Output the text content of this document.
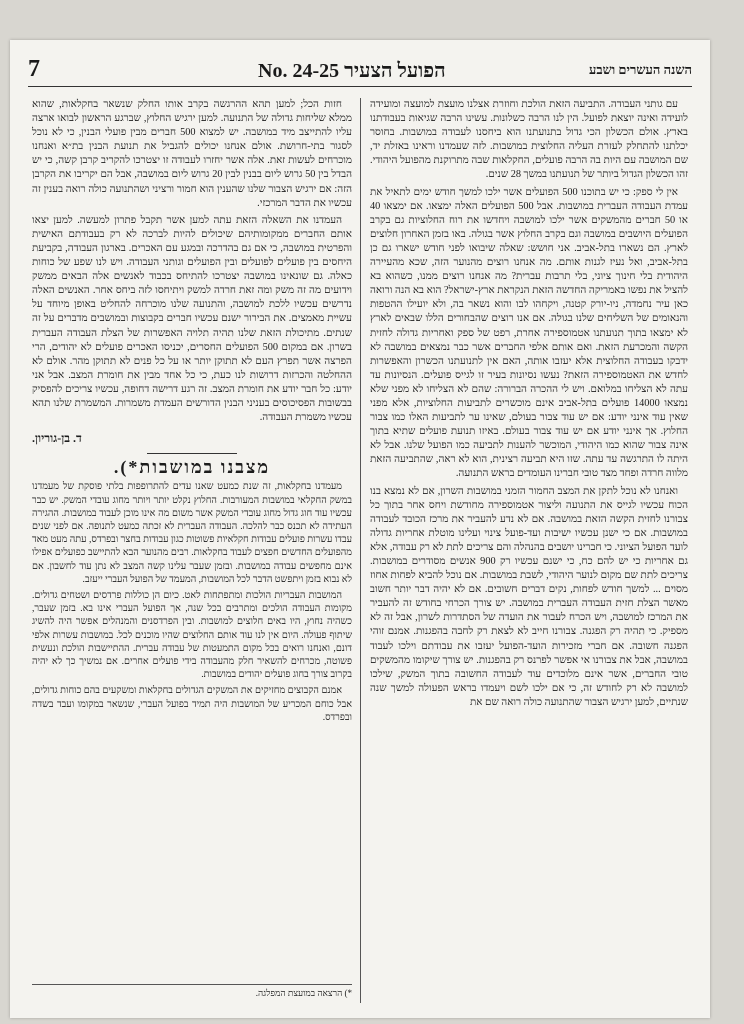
7	No. 24-25 הפועל הצעיר	השנה העשרים ושבע

עם גותני העבודה. התביעה הזאת הולכת וחוזרת אצלנו מועצת למועצה ומועידה לועידה ואינה יוצאת לפועל. הין לנו הרבה כשלונות. עשינו הרבה שגיאות בעבודתנו בארץ. אולם הכשלון הכי גדול בתנועתנו הוא ביחסנו לעבודה במושבות. בחוסר יכלתנו להתחלק לעזרת העליה החלוצית במושבות. לזה שעמדנו וראינו באזלת יד, שם המושבה עם היות בה הרבה פועלים, החקלאות שבה מתרוקנת מהפועל היהודי. זהו הכשלון הגדול ביותר של תנועתנו במשך 28 שנים.

אין לי ספק: כי יש בתוכנו 500 הפועלים אשר ילכו למשך חודש ימים לתאיל את עמדת העבודה העברית במושבות. אבל 500 הפועלים האלה ימצאו. אם ימצאו 40 או 50 חברים מהמשקים אשר ילכו למושבה ויחדשו את רוח החלוציות גם בקרב הפועלים היושבים במושבה וגם בקרב החלוץ אשר בגולה. באו בזמן האחרון חלוצים לארץ. הם נשארו בתל-אביב. אני חושש: שאלה שיבואו לפני חודש ישארו גם כן בתל-אביב, ואל נעיז לגנות אותם. מה אנחנו רוצים מהנוער הזה, שכא מהעיירה היהודית בלי חינוך ציוני, בלי תרבות עברית? מה אנחנו רוצים ממנו, כשהוא בא להציל את נפשו באמריקה החדשה הזאת הנקראת ארץ-ישראל? הוא בא הנה ורואה כאן עיר נחמדה, ניו-יורק קטנה, ויקחהו לבו והוא נשאר בה, ולא יועילו ההטפות והנאומים של השליחים שלנו בגולה. אם אנו רוצים שהבחורים הללו שבאים לארץ לא ימצאו בתוך תנועתנו אטמוספירה אחרת, רפט של ספק ואחריות גדולה לחזית הקשה והמכרעת הזאת. ואם אותם אלפי החברים אשר כבר נמצאים במושבה לא ידבקו בעבודה החלוצית אלא יעזבו אותה, האם אין לתנועתנו הכשרון והאפשרות לחדש את האטמוספירה הזאת? נעשו נסיונות בעיר זו לגייס פועלים. הנסיונות עד עתה לא הצליחו במלואם. ויש לי ההכרה הברורה: שהם לא הצליחו לא מפני שלא נמצאו 14000 פועלים בתל-אביב אינם מוכשרים לתביעות החלוציות, אלא מפני שאין עוד אינני יודע: אם יש עוד צבור בעולם, שאינו ער לתביעות האלו כמו צבור החלוץ. אך אינני יודע אם יש עוד צבור בעולם. באיזו תנועת פועלים שתיא בתוך אינה צבור שהוא כמו היהודי, המוכשר להענות לתביעה כמו הפועל שלנו. אבל לא היתה לו התרגשה עד עתה. שזו היא תביעה רצינית, הוא לא ראה, שהתביעה הזאת מלווה חרדה ופחד מצד טובי חברינו העומדים בראש התנועה.

ואנחנו לא נוכל לתקן את המצב החמור הזמני במושבות השרון, אם לא נמצא בנו הכוח עכשיו לגייס את התנועה וליצור אטמוספירה מחודשת ויחס אחר בתוך כל צבורנו לחזית הקשה הזאת במושבה. אם לא נדע להעביר את מרכז הכובד לעבודה במושבות. אם כי ישנן עכשיו ישיבות ועד-פועל צינוי ועלינו מוטלת אחריות גדולה לועד הפועל הציוני. כי חברינו יושבים בהנהלה והם צריכים לתת לא רק עבודה, אלא גם אחריות כי יש להם כח, כי ישנם עכשיו רק 900 אנשים מסודרים במושבות. צריכים לתת שם מקום לנוער היהודי, לשבת במושבות. אם נוכל להביא לפחות אחוז מסוים ... למשך חודש לפחות, נקים דברים חשובים. אם לא יהיה דבר יותר חשוב מאשר הצלת חזית העבודה העברית במושבה. יש צורך הכרחי בחודש זה להעביר את המרכז למושבה, ויש הכרח לעבור את הועדה של הסתדרות לשרון, אבל זה לא מספיק. כי תהיה רק הפגנה. צבורנו חייב לא לצאת רק לחבה בהפגנות. אמנם זוהי הפגנה חשובה. אם חברי מזכירות הועד-הפועל יעזבו את עבודתם וילכו לעבוד במושבה, אבל את צבורנו אי אפשר לפרנס רק בהפגנות. יש צורך שיקומו מהמשקים טובי החברים, אשר אינם מלוכדים עוד לעבודה החשובה בתוך המשק, שילכו למושבה לא רק לחודש זה, כי אם ילכו לשם ויעמדו בראש הפעולה למשך שנה שנתיים, למען ירגיש הצבור שהתנועה כולה רואה שם את

חזות הכל; למען תהא ההרגשה בקרב אותו החלק שנשאר בחקלאות, שהוא ממלא שליחות גדולה של התנועה. למען ירגיש החלוץ, שברגע הראשון לבואו ארצה עליו להתייצב מיד במושבה. יש למצוא 500 חברים מבין פועלי הבנין, כי לא נוכל לסגור בתי-חרושת. אולם אנחנו יכולים להגביל את תנועת הבנין בת״א ואנחנו מוכרחים לעשות זאת. אלה אשר יחזרו לעבודה זו יצטרכו להקריב קרבן קשה, כי יש הבדל בין 50 גרוש ליום בבנין לבין 20 גרוש ליום במושבה, אבל הם יקריבו את הקרבן הזה: אם ירגיש הצבור שלנו שהענין הוא חמור ורציני ושהתנועה כולה רואה בענין זה עכשיו את הדבר המרכזי.

העמדנו את השאלה הזאת עתה למען אשר תקבל פתרון למעשה. למען יצאו אותם החברים ממקומותיהם שיכולים להיות לברכה לא רק בעבודתם האישית והפרטית במושבה, כי אם גם בהדרכה ובמגע עם האכרים. בארגון העבודה, בקביעת היחסים בין פועלים לפועלים ובין הפועלים וגותני העבודה. ויש לנו שפע של כוחות כאלה. גם שונאינו במושבה יצטרכו להתיחס בכבוד לאנשים אלה הבאים ממשק וידועים מה זה משק ומה זאת חרדה למשק ויתיחסו לזה ביחס אחר. האנשים האלה נדרשים עכשיו ללכת למושבה, והתנועה שלנו מוכרחה להחליט באופן מיוחד על עשיית מאמצים. את הבירור ישנם עכשיו חברים בקבוצות ובמושבים מדברים על זה שנתים. מתיכולת הזאת שלנו תהיה תלויה האפשרות של הצלת העבודה העברית בשרון. אם במקום 500 הפועלים החסרים, יכניסו האכרים פועלים לא יהודים, הרי הפרצה אשר תפרץ העם לא תתוקן יותר או על כל פנים לא תתוקן מהר. אולם לא ההחלטה והכרזות דרושות לנו כעת, כי כל אחד מבין את חומרת המצב. אבל אני יודע: כל חבר יודע את חומרת המצב. זה רגע דרישה דחופה, עכשיו צריכים להפסיק בבשובות הפסיכוסים בעניני הבנין הדורשים העמדת משמרות. המשמרת שלנו תהא עכשיו משמרת העבודה.

ד. בן-גוריון.
מצבנו במושבות*).

מעמדנו בחקלאות, זה שנת כמעט שאנו עדים להתרופפות בלתי פוסקת של מעמדנו במשק החקלאי במושבות המעורבות. החלוץ נקלט יותר ויותר מחוג עובדי המשק. יש כבר עכשיו עוד חוג גדול מחוג עובדי המשק אשר משום מה אינו מוכן לעבוד במושבות. ההגירה העתידה לא תכנס כבר להלכה. העבודה העברית לא זכתה כמעט לתנופה. אם לפני שנים עבדו עשרות פועלים עבודות חקלאיות פשוטות כגון עבודות בחצר ובפרדס, עתה מעט מאד מהפועלים החדשים חפצים לעבוד בחקלאות. רבים מהנוער הבא להתיישב כפועלים אפילו אינם מחפשים עבודה במושבות. ובזמן שעבר עלינו קשה המצב לא נתן עוד לחשבון. אם לא נבוא בזמן ויתפשט הדבר לכל המושבות, המעמד של הפועל העברי ייעזב.

המושבות העבריות הולכות ומתפתחות לאט. כיום הן כוללות פרדסים ושטחים גדולים. מקומות העבודה הולכים ומתרבים בכל שנה, אך הפועל העברי אינו בא. בזמן שעבר, כשהיה נחוץ, היו באים חלוצים למושבות. ובין הפרדסנים והמנהלים אפשר היה להשיג שיתוף פעולה. היום אין לנו עוד אותם החלוצים שהיו מוכנים לכל. במושבות עשרות אלפי דונם, ואנחנו רואים בכל מקום התמעטות של עבודה עברית. ההתיישבות הולכת ונעשית פשוטה, מכרחים להשאיר חלק מהעבודה בידי פועלים אחרים. אם נמשיך כך לא יהיה בקרוב צורך בחוג פועלים יהודים במושבות.

אמנם הקבוצים מחזיקים את המשקים הגדולים בחקלאות ומשקעים בהם כוחות גדולים, אבל כוחם המכריע של המושבות היה תמיד בפועל העברי, שנשאר במקומו ועבד בשדה ובפרדס.

*) הרצאה במועצת המפלגה.
